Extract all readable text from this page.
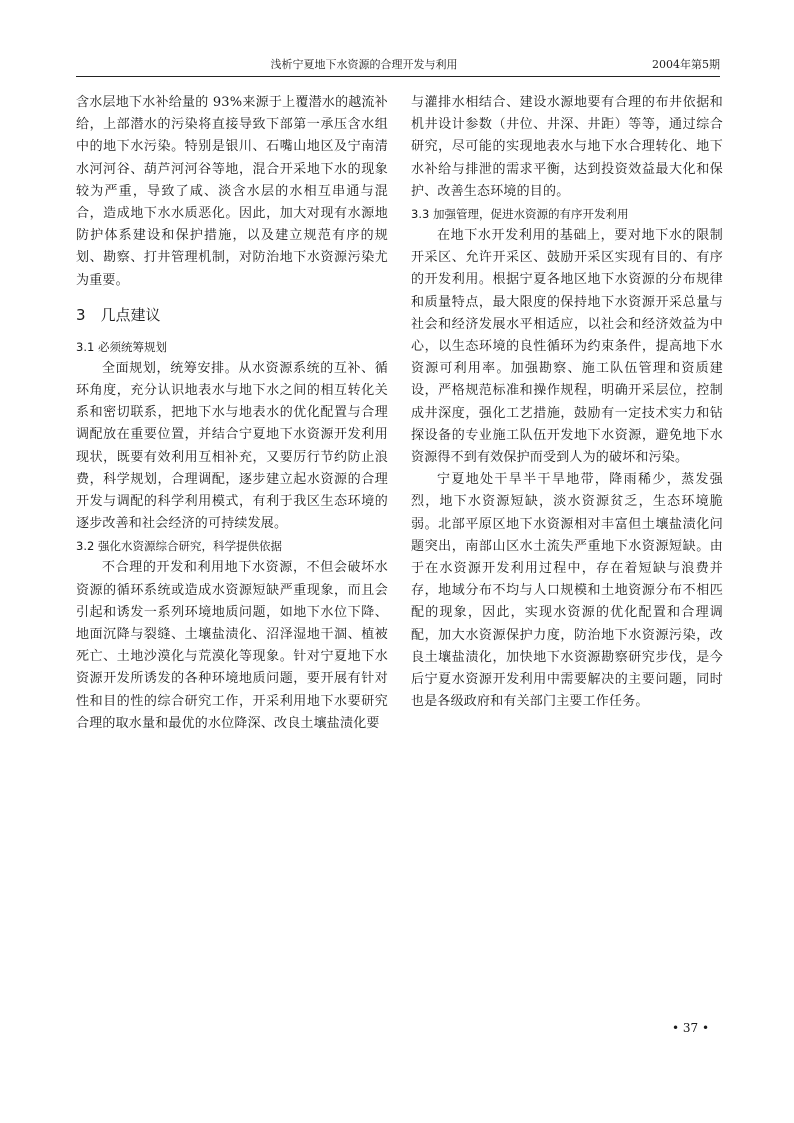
浅析宁夏地下水资源的合理开发与利用	2004年第5期

含水层地下水补给量的 93%来源于上覆潜水的越流补给，上部潜水的污染将直接导致下部第一承压含水组中的地下水污染。特别是银川、石嘴山地区及宁南清水河河谷、葫芦河河谷等地，混合开采地下水的现象较为严重，导致了咸、淡含水层的水相互串通与混合，造成地下水水质恶化。因此，加大对现有水源地防护体系建设和保护措施，以及建立规范有序的规划、勘察、打井管理机制，对防治地下水资源污染尤为重要。

3　几点建议
3.1 必须统筹规划

全面规划，统筹安排。从水资源系统的互补、循环角度，充分认识地表水与地下水之间的相互转化关系和密切联系，把地下水与地表水的优化配置与合理调配放在重要位置，并结合宁夏地下水资源开发利用现状，既要有效利用互相补充，又要厉行节约防止浪费，科学规划，合理调配，逐步建立起水资源的合理开发与调配的科学利用模式，有利于我区生态环境的逐步改善和社会经济的可持续发展。

3.2 强化水资源综合研究，科学提供依据

不合理的开发和利用地下水资源，不但会破坏水资源的循环系统或造成水资源短缺严重现象，而且会引起和诱发一系列环境地质问题，如地下水位下降、地面沉降与裂缝、土壤盐渍化、沼泽湿地干涸、植被死亡、土地沙漠化与荒漠化等现象。针对宁夏地下水资源开发所诱发的各种环境地质问题，要开展有针对性和目的性的综合研究工作，开采利用地下水要研究合理的取水量和最优的水位降深、改良土壤盐渍化要

与灌排水相结合、建设水源地要有合理的布井依据和机井设计参数（井位、井深、井距）等等，通过综合研究，尽可能的实现地表水与地下水合理转化、地下水补给与排泄的需求平衡，达到投资效益最大化和保护、改善生态环境的目的。

3.3 加强管理，促进水资源的有序开发利用

在地下水开发利用的基础上，要对地下水的限制开采区、允许开采区、鼓励开采区实现有目的、有序的开发利用。根据宁夏各地区地下水资源的分布规律和质量特点，最大限度的保持地下水资源开采总量与社会和经济发展水平相适应，以社会和经济效益为中心，以生态环境的良性循环为约束条件，提高地下水资源可利用率。加强勘察、施工队伍管理和资质建设，严格规范标准和操作规程，明确开采层位，控制成井深度，强化工艺措施，鼓励有一定技术实力和钻探设备的专业施工队伍开发地下水资源，避免地下水资源得不到有效保护而受到人为的破坏和污染。

宁夏地处干旱半干旱地带，降雨稀少，蒸发强烈，地下水资源短缺，淡水资源贫乏，生态环境脆弱。北部平原区地下水资源相对丰富但土壤盐渍化问题突出，南部山区水土流失严重地下水资源短缺。由于在水资源开发利用过程中，存在着短缺与浪费并存，地域分布不均与人口规模和土地资源分布不相匹配的现象，因此，实现水资源的优化配置和合理调配，加大水资源保护力度，防治地下水资源污染，改良土壤盐渍化，加快地下水资源勘察研究步伐，是今后宁夏水资源开发利用中需要解决的主要问题，同时也是各级政府和有关部门主要工作任务。

• 37 •
